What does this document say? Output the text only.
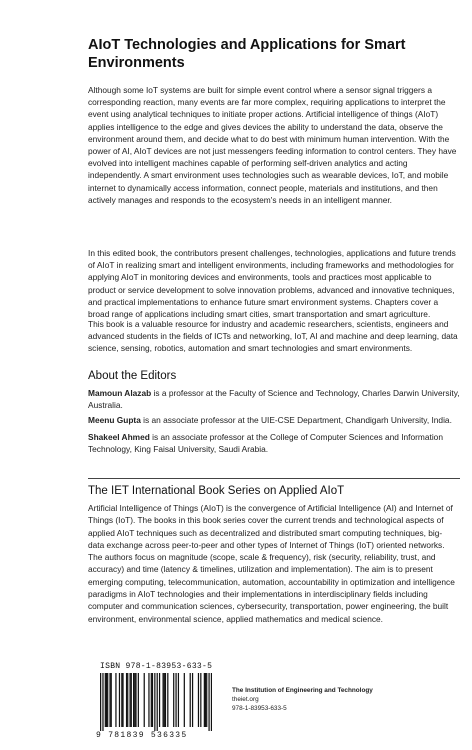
AIoT Technologies and Applications for Smart Environments

Although some IoT systems are built for simple event control where a sensor signal triggers a corresponding reaction, many events are far more complex, requiring applications to interpret the event using analytical techniques to initiate proper actions. Artificial intelligence of things (AIoT) applies intelligence to the edge and gives devices the ability to understand the data, observe the environment around them, and decide what to do best with minimum human intervention. With the power of AI, AIoT devices are not just messengers feeding information to control centers. They have evolved into intelligent machines capable of performing self-driven analytics and acting independently. A smart environment uses technologies such as wearable devices, IoT, and mobile internet to dynamically access information, connect people, materials and institutions, and then actively manages and responds to the ecosystem's needs in an intelligent manner.

In this edited book, the contributors present challenges, technologies, applications and future trends of AIoT in realizing smart and intelligent environments, including frameworks and methodologies for applying AIoT in monitoring devices and environments, tools and practices most applicable to product or service development to solve innovation problems, advanced and innovative techniques, and practical implementations to enhance future smart environment systems. Chapters cover a broad range of applications including smart cities, smart transportation and smart agriculture.

This book is a valuable resource for industry and academic researchers, scientists, engineers and advanced students in the fields of ICTs and networking, IoT, AI and machine and deep learning, data science, sensing, robotics, automation and smart technologies and smart environments.

About the Editors
Mamoun Alazab is a professor at the Faculty of Science and Technology, Charles Darwin University, Australia.
Meenu Gupta is an associate professor at the UIE-CSE Department, Chandigarh University, India.
Shakeel Ahmed is an associate professor at the College of Computer Sciences and Information Technology, King Faisal University, Saudi Arabia.
The IET International Book Series on Applied AIoT

Artificial Intelligence of Things (AIoT) is the convergence of Artificial Intelligence (AI) and Internet of Things (IoT). The books in this book series cover the current trends and technological aspects of applied AIoT techniques such as decentralized and distributed smart computing techniques, big-data exchange across peer-to-peer and other types of Internet of Things (IoT) oriented networks. The authors focus on magnitude (scope, scale & frequency), risk (security, reliability, trust, and accuracy) and time (latency & timelines, utilization and implementation). The aim is to present emerging computing, telecommunication, automation, accountability in optimization and intelligence paradigms in AIoT technologies and their implementations in interdisciplinary fields including computer and communication sciences, cybersecurity, transportation, power engineering, the built environment, environmental science, applied mathematics and medical science.

ISBN 978-1-83953-633-5
9 781839 536335
The Institution of Engineering and Technology
theiet.org
978-1-83953-633-5
